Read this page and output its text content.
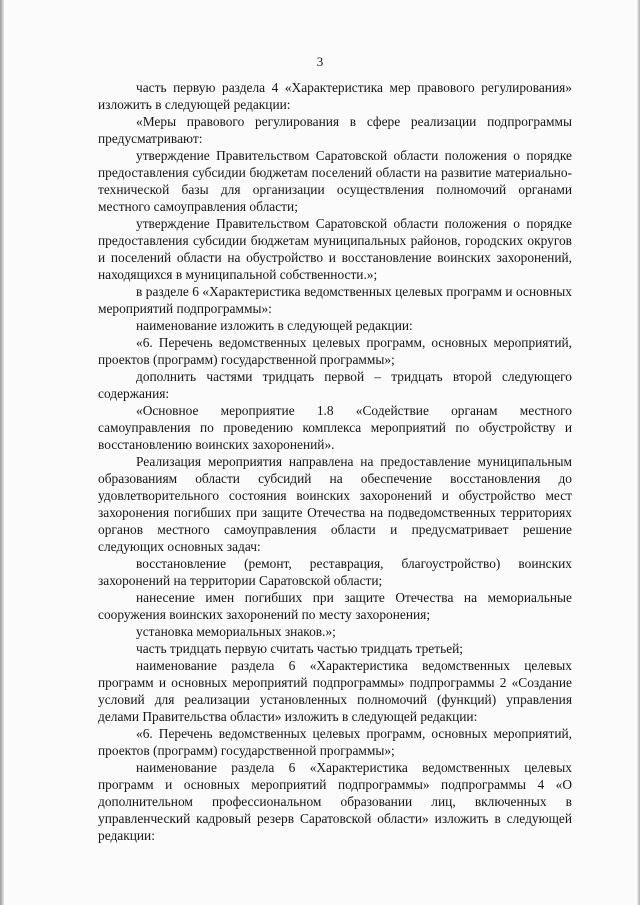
3

часть первую раздела 4 «Характеристика мер правового регулирования» изложить в следующей редакции:

«Меры правового регулирования в сфере реализации подпрограммы предусматривают:

утверждение Правительством Саратовской области положения о порядке предоставления субсидии бюджетам поселений области на развитие материально-технической базы для организации осуществления полномочий органами местного самоуправления области;

утверждение Правительством Саратовской области положения о порядке предоставления субсидии бюджетам муниципальных районов, городских округов и поселений области на обустройство и восстановление воинских захоронений, находящихся в муниципальной собственности.»;

в разделе 6 «Характеристика ведомственных целевых программ и основных мероприятий подпрограммы»:

наименование изложить в следующей редакции:

«6. Перечень ведомственных целевых программ, основных мероприятий, проектов (программ) государственной программы»;

дополнить частями тридцать первой – тридцать второй следующего содержания:

«Основное мероприятие 1.8 «Содействие органам местного самоуправления по проведению комплекса мероприятий по обустройству и восстановлению воинских захоронений».

Реализация мероприятия направлена на предоставление муниципальным образованиям области субсидий на обеспечение восстановления до удовлетворительного состояния воинских захоронений и обустройство мест захоронения погибших при защите Отечества на подведомственных территориях органов местного самоуправления области и предусматривает решение следующих основных задач:

восстановление (ремонт, реставрация, благоустройство) воинских захоронений на территории Саратовской области;

нанесение имен погибших при защите Отечества на мемориальные сооружения воинских захоронений по месту захоронения;

установка мемориальных знаков.»;

часть тридцать первую считать частью тридцать третьей;

наименование раздела 6 «Характеристика ведомственных целевых программ и основных мероприятий подпрограммы» подпрограммы 2 «Создание условий для реализации установленных полномочий (функций) управления делами Правительства области» изложить в следующей редакции:

«6. Перечень ведомственных целевых программ, основных мероприятий, проектов (программ) государственной программы»;

наименование раздела 6 «Характеристика ведомственных целевых программ и основных мероприятий подпрограммы» подпрограммы 4 «О дополнительном профессиональном образовании лиц, включенных в управленческий кадровый резерв Саратовской области» изложить в следующей редакции:
